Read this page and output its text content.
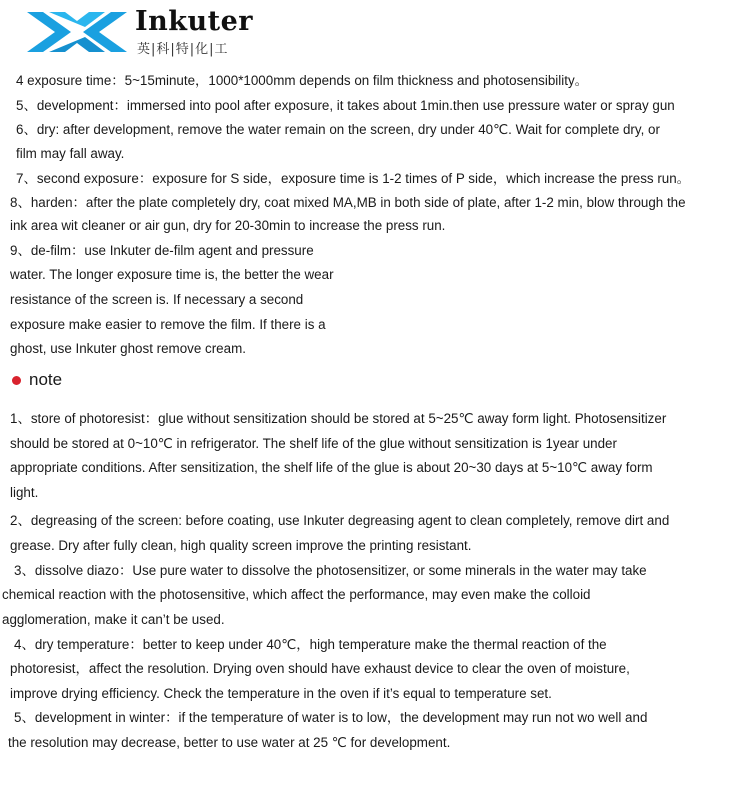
Inkuter
英|科|特|化|工
4 exposure time：5~15minute，1000*1000mm depends on film thickness and photosensibility。
5、development：immersed into pool after exposure, it takes about 1min.then use pressure water or spray gun
6、dry: after development, remove the water remain on the screen, dry under 40℃. Wait for complete dry, or
film may fall away.
7、second exposure：exposure for S side，exposure time is 1-2 times of P side，which increase the press run。
8、harden：after the plate completely dry, coat mixed MA,MB in both side of plate, after 1-2 min, blow through the
ink area wit cleaner or air gun, dry for 20-30min to increase the press run.
9、de-film：use Inkuter de-film agent and pressure
water. The longer exposure time is, the better the wear
resistance of the screen is. If necessary a second
exposure make easier to remove the film. If there is a
ghost, use Inkuter ghost remove cream.
note
1、store of photoresist：glue without sensitization should be stored at 5~25℃ away form light. Photosensitizer
should be stored at 0~10℃ in refrigerator. The shelf life of the glue without sensitization is 1year under
appropriate conditions. After sensitization, the shelf life of the glue is about 20~30 days at 5~10℃ away form
light.
2、degreasing of the screen: before coating, use Inkuter degreasing agent to clean completely, remove dirt and
grease. Dry after fully clean, high quality screen improve the printing resistant.
3、dissolve diazo：Use pure water to dissolve the photosensitizer, or some minerals in the water may take
chemical reaction with the photosensitive, which affect the performance, may even make the colloid
agglomeration, make it can’t be used.
4、dry temperature：better to keep under 40℃，high temperature make the thermal reaction of the
photoresist，affect the resolution. Drying oven should have exhaust device to clear the oven of moisture,
improve drying efficiency. Check the temperature in the oven if it’s equal to temperature set.
5、development in winter：if the temperature of water is to low，the development may run not wo well and
the resolution may decrease, better to use water at 25 ℃ for development.
